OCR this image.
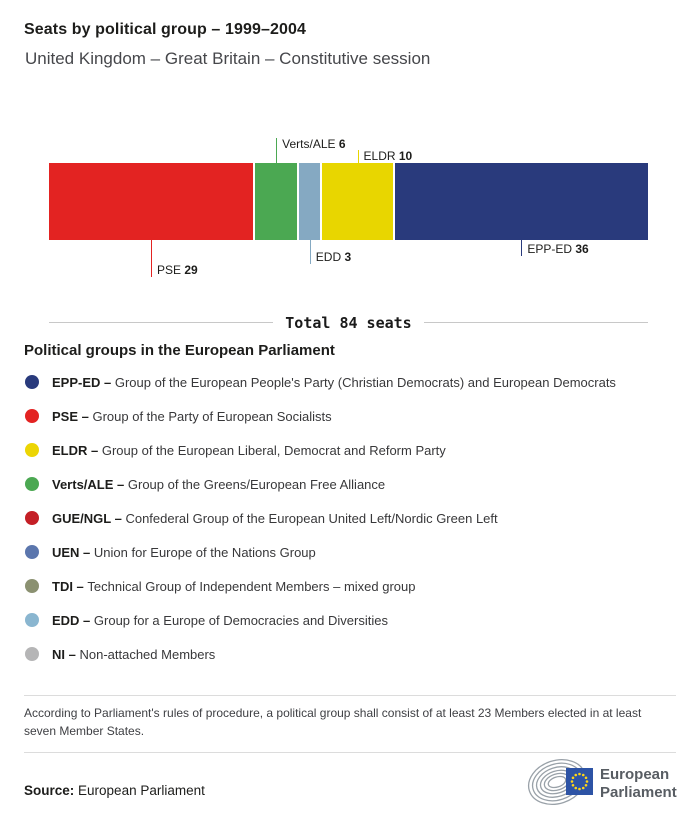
Seats by political group – 1999–2004
United Kingdom – Great Britain – Constitutive session
PSE 29
Verts/ALE 6
EDD 3
ELDR 10
EPP-ED 36
Total 84 seats
Political groups in the European Parliament
EPP-ED – Group of the European People's Party (Christian Democrats) and European Democrats
PSE – Group of the Party of European Socialists
ELDR – Group of the European Liberal, Democrat and Reform Party
Verts/ALE – Group of the Greens/European Free Alliance
GUE/NGL – Confederal Group of the European United Left/Nordic Green Left
UEN – Union for Europe of the Nations Group
TDI – Technical Group of Independent Members – mixed group
EDD – Group for a Europe of Democracies and Diversities
NI – Non-attached Members

According to Parliament's rules of procedure, a political group shall consist of at least 23 Members elected in at least seven Member States.

Source: European Parliament
European
Parliament
